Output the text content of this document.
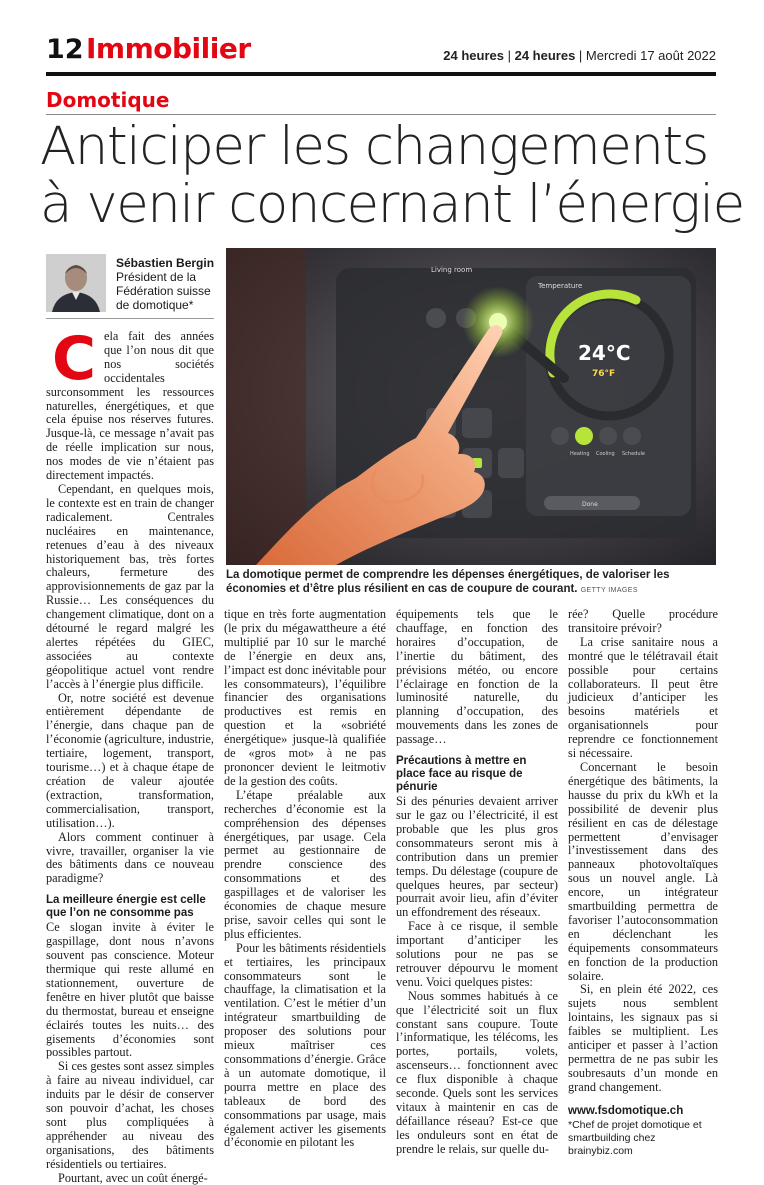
12 Immobilier	24 heures | 24 heures | Mercredi 17 août 2022
Domotique
Anticiper les changements
à venir concernant l’énergie
Sébastien Bergin
Président de la Fédération suisse de domotique*
Living room
Temperature
24°C
76°F
Heating Cooling Schedule
Done
La domotique permet de comprendre les dépenses énergétiques, de valoriser les économies et d’être plus résilient en cas de coupure de courant. GETTY IMAGES
C ela fait des années que l’on nous dit que nos sociétés occidentales surconsomment les ressources naturelles, énergétiques, et que cela épuise nos réserves futures. Jusque-là, ce message n’avait pas de réelle implication sur nous, nos modes de vie n’étaient pas directement impactés.

Cependant, en quelques mois, le contexte est en train de changer radicalement. Centrales nucléaires en maintenance, retenues d’eau à des niveaux historiquement bas, très fortes chaleurs, fermeture des approvisionnements de gaz par la Russie… Les conséquences du changement climatique, dont on a détourné le regard malgré les alertes répétées du GIEC, associées au contexte géopolitique actuel vont rendre l’accès à l’énergie plus difficile.

Or, notre société est devenue entièrement dépendante de l’énergie, dans chaque pan de l’économie (agriculture, industrie, tertiaire, logement, transport, tourisme…) et à chaque étape de création de valeur ajoutée (extraction, transformation, commercialisation, transport, utilisation…).

Alors comment continuer à vivre, travailler, organiser la vie des bâtiments dans ce nouveau paradigme?

La meilleure énergie est celle que l’on ne consomme pas

Ce slogan invite à éviter le gaspillage, dont nous n’avons souvent pas conscience. Moteur thermique qui reste allumé en stationnement, ouverture de fenêtre en hiver plutôt que baisse du thermostat, bureau et enseigne éclairés toutes les nuits… des gisements d’économies sont possibles partout.

Si ces gestes sont assez simples à faire au niveau individuel, car induits par le désir de conserver son pouvoir d’achat, les choses sont plus compliquées à appréhender au niveau des organisations, des bâtiments résidentiels ou tertiaires.

Pourtant, avec un coût énergé-

tique en très forte augmentation (le prix du mégawattheure a été multiplié par 10 sur le marché de l’énergie en deux ans, l’impact est donc inévitable pour les consommateurs), l’équilibre financier des organisations productives est remis en question et la «sobriété énergétique» jusque-là qualifiée de «gros mot» à ne pas prononcer devient le leitmotiv de la gestion des coûts.

L’étape préalable aux recherches d’économie est la compréhension des dépenses énergétiques, par usage. Cela permet au gestionnaire de prendre conscience des consommations et des gaspillages et de valoriser les économies de chaque mesure prise, savoir celles qui sont le plus efficientes.

Pour les bâtiments résidentiels et tertiaires, les principaux consommateurs sont le chauffage, la climatisation et la ventilation. C’est le métier d’un intégrateur smartbuilding de proposer des solutions pour mieux maîtriser ces consommations d’énergie. Grâce à un automate domotique, il pourra mettre en place des tableaux de bord des consommations par usage, mais également activer les gisements d’économie en pilotant les

équipements tels que le chauffage, en fonction des horaires d’occupation, de l’inertie du bâtiment, des prévisions météo, ou encore l’éclairage en fonction de la luminosité naturelle, du planning d’occupation, des mouvements dans les zones de passage…

Précautions à mettre en place face au risque de pénurie

Si des pénuries devaient arriver sur le gaz ou l’électricité, il est probable que les plus gros consommateurs seront mis à contribution dans un premier temps. Du délestage (coupure de quelques heures, par secteur) pourrait avoir lieu, afin d’éviter un effondrement des réseaux.

Face à ce risque, il semble important d’anticiper les solutions pour ne pas se retrouver dépourvu le moment venu. Voici quelques pistes:

Nous sommes habitués à ce que l’électricité soit un flux constant sans coupure. Toute l’informatique, les télécoms, les portes, portails, volets, ascenseurs… fonctionnent avec ce flux disponible à chaque seconde. Quels sont les services vitaux à maintenir en cas de défaillance réseau? Est-ce que les onduleurs sont en état de prendre le relais, sur quelle du-

rée? Quelle procédure transitoire prévoir?

La crise sanitaire nous a montré que le télétravail était possible pour certains collaborateurs. Il peut être judicieux d’anticiper les besoins matériels et organisationnels pour reprendre ce fonctionnement si nécessaire.

Concernant le besoin énergétique des bâtiments, la hausse du prix du kWh et la possibilité de devenir plus résilient en cas de délestage permettent d’envisager l’investissement dans des panneaux photovoltaïques sous un nouvel angle. Là encore, un intégrateur smartbuilding permettra de favoriser l’autoconsommation en déclenchant les équipements consommateurs en fonction de la production solaire.

Si, en plein été 2022, ces sujets nous semblent lointains, les signaux pas si faibles se multiplient. Les anticiper et passer à l’action permettra de ne pas subir les soubresauts d’un monde en grand changement.

www.fsdomotique.ch
*Chef de projet domotique et smartbuilding chez brainybiz.com
